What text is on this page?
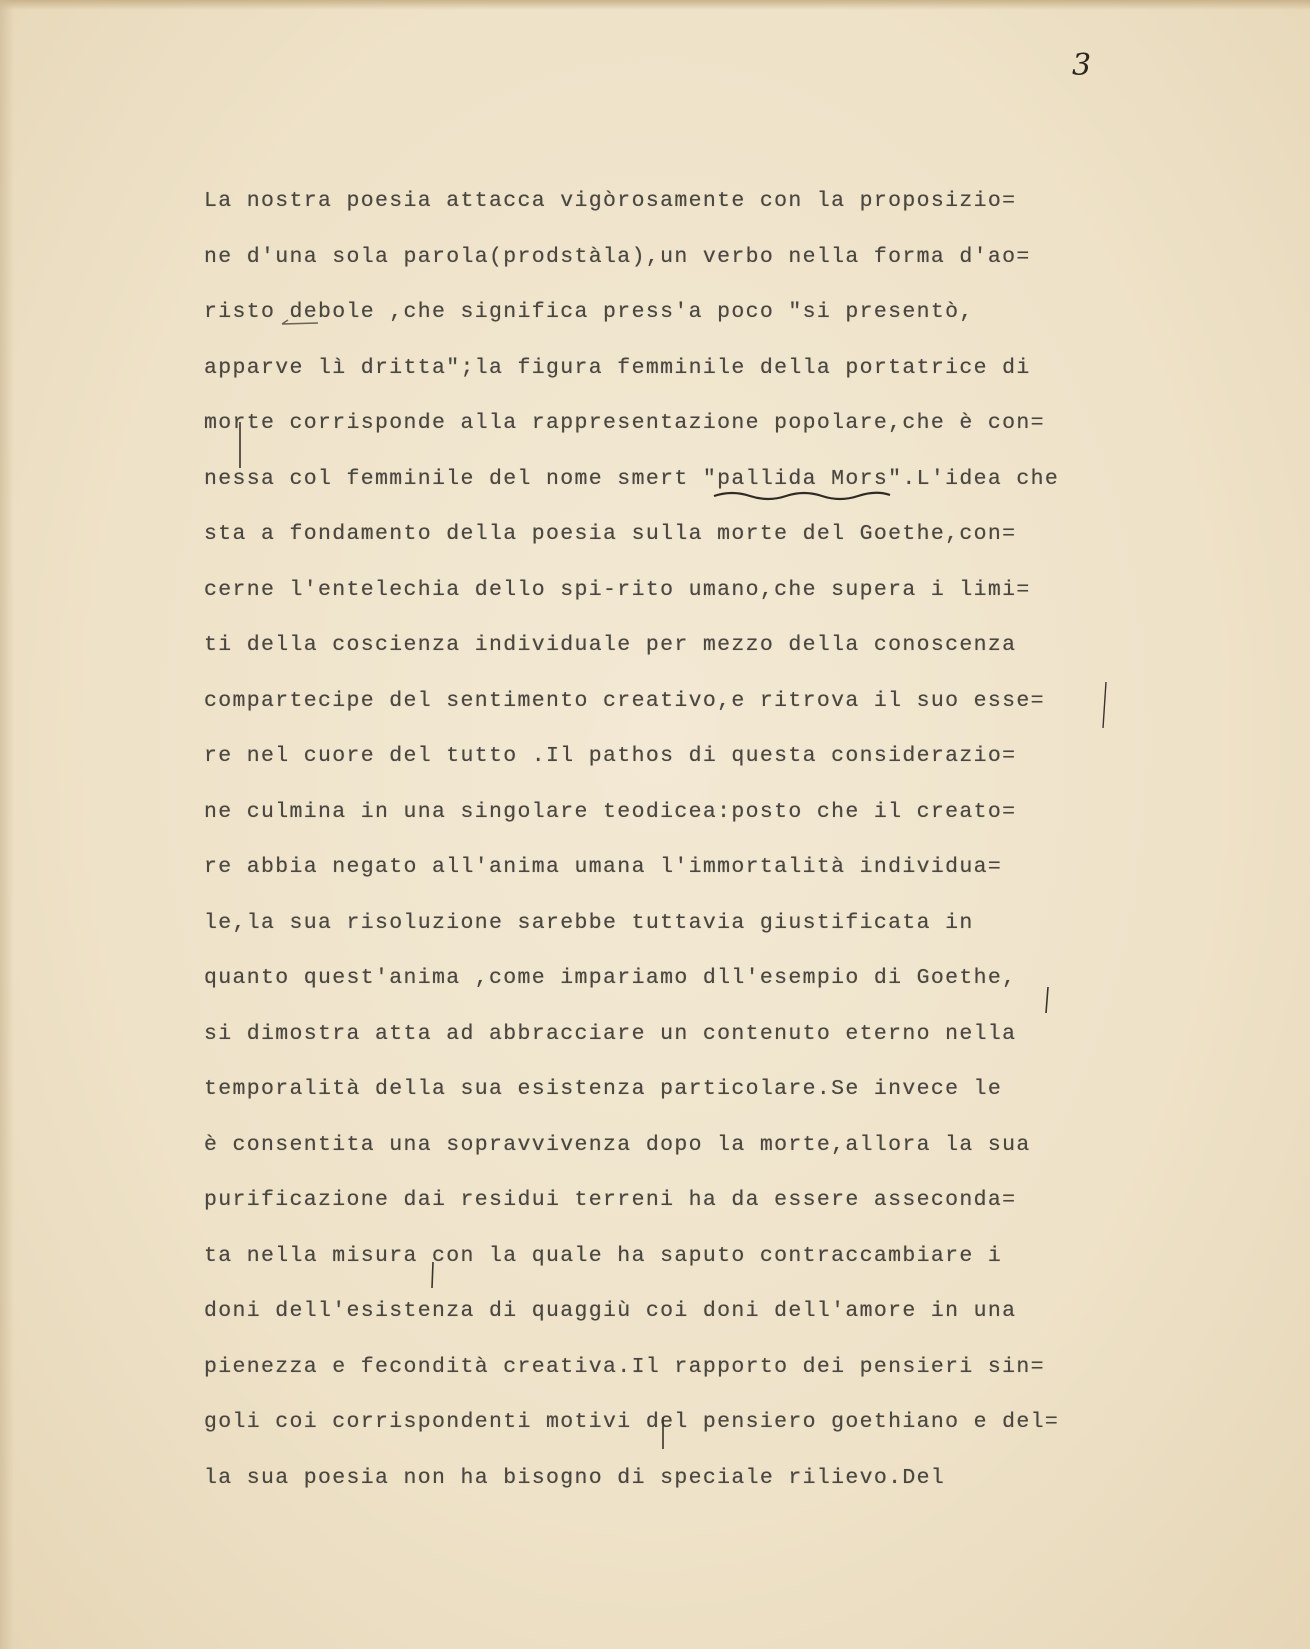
3
La nostra poesia attacca vigòrosamente con la proposizio=
ne d'una sola parola(prodstàla),un verbo nella forma d'ao=
risto debole ,che significa press'a poco "si presentò,
apparve lì dritta";la figura femminile della portatrice di
morte corrisponde alla rappresentazione popolare,che è con=
nessa col femminile del nome smert "pallida Mors".L'idea che
sta a fondamento della poesia sulla morte del Goethe,con=
cerne l'entelechia dello spi-rito umano,che supera i limi=
ti della coscienza individuale per mezzo della conoscenza
compartecipe del sentimento creativo,e ritrova il suo esse=
re nel cuore del tutto .Il pathos di questa considerazio=
ne culmina in una singolare teodicea:posto che il creato=
re abbia negato all'anima umana l'immortalità individua=
le,la sua risoluzione sarebbe tuttavia giustificata in
quanto quest'anima ,come impariamo dll'esempio di Goethe,
si dimostra atta ad abbracciare un contenuto eterno nella
temporalità della sua esistenza particolare.Se invece le
è consentita una sopravvivenza dopo la morte,allora la sua
purificazione dai residui terreni ha da essere asseconda=
ta nella misura con la quale ha saputo contraccambiare i
doni dell'esistenza di quaggiù coi doni dell'amore in una
pienezza e fecondità creativa.Il rapporto dei pensieri sin=
goli coi corrispondenti motivi del pensiero goethiano e del=
la sua poesia non ha bisogno di speciale rilievo.Del
